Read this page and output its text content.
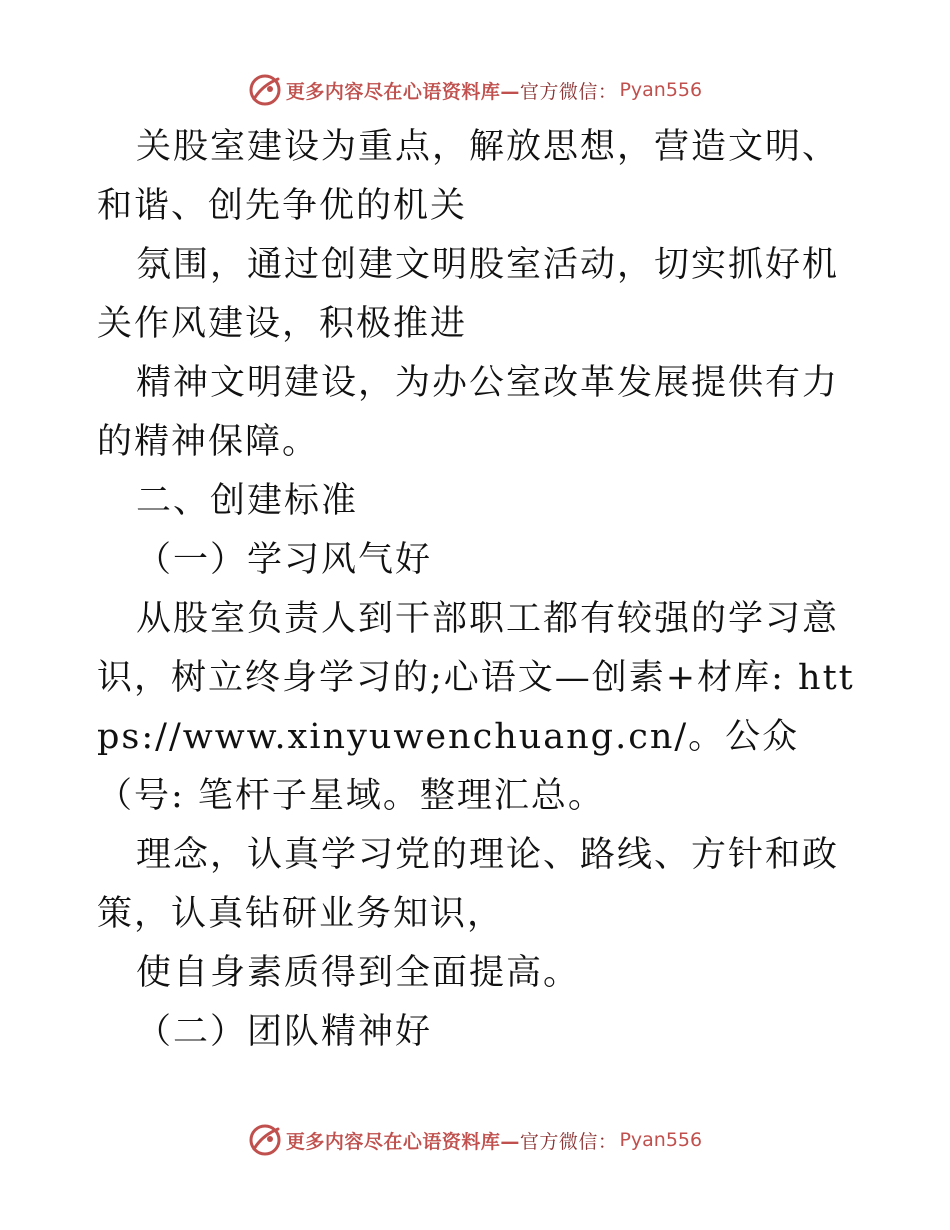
更多内容尽在心语资料库— 官方微信： Pyan556

关股室建设为重点，解放思想，营造文明、和谐、创先争优的机关

氛围，通过创建文明股室活动，切实抓好机关作风建设，积极推进

精神文明建设，为办公室改革发展提供有力的精神保障。

二、创建标准

（一）学习风气好

从股室负责人到干部职工都有较强的学习意识，树立终身学习的;心语文—创素+材库: https://www.xinyuwenchuang.cn/。公众（号: 笔杆子星域。整理汇总。

理念，认真学习党的理论、路线、方针和政策，认真钻研业务知识，

使自身素质得到全面提高。

（二）团队精神好

更多内容尽在心语资料库— 官方微信： Pyan556
